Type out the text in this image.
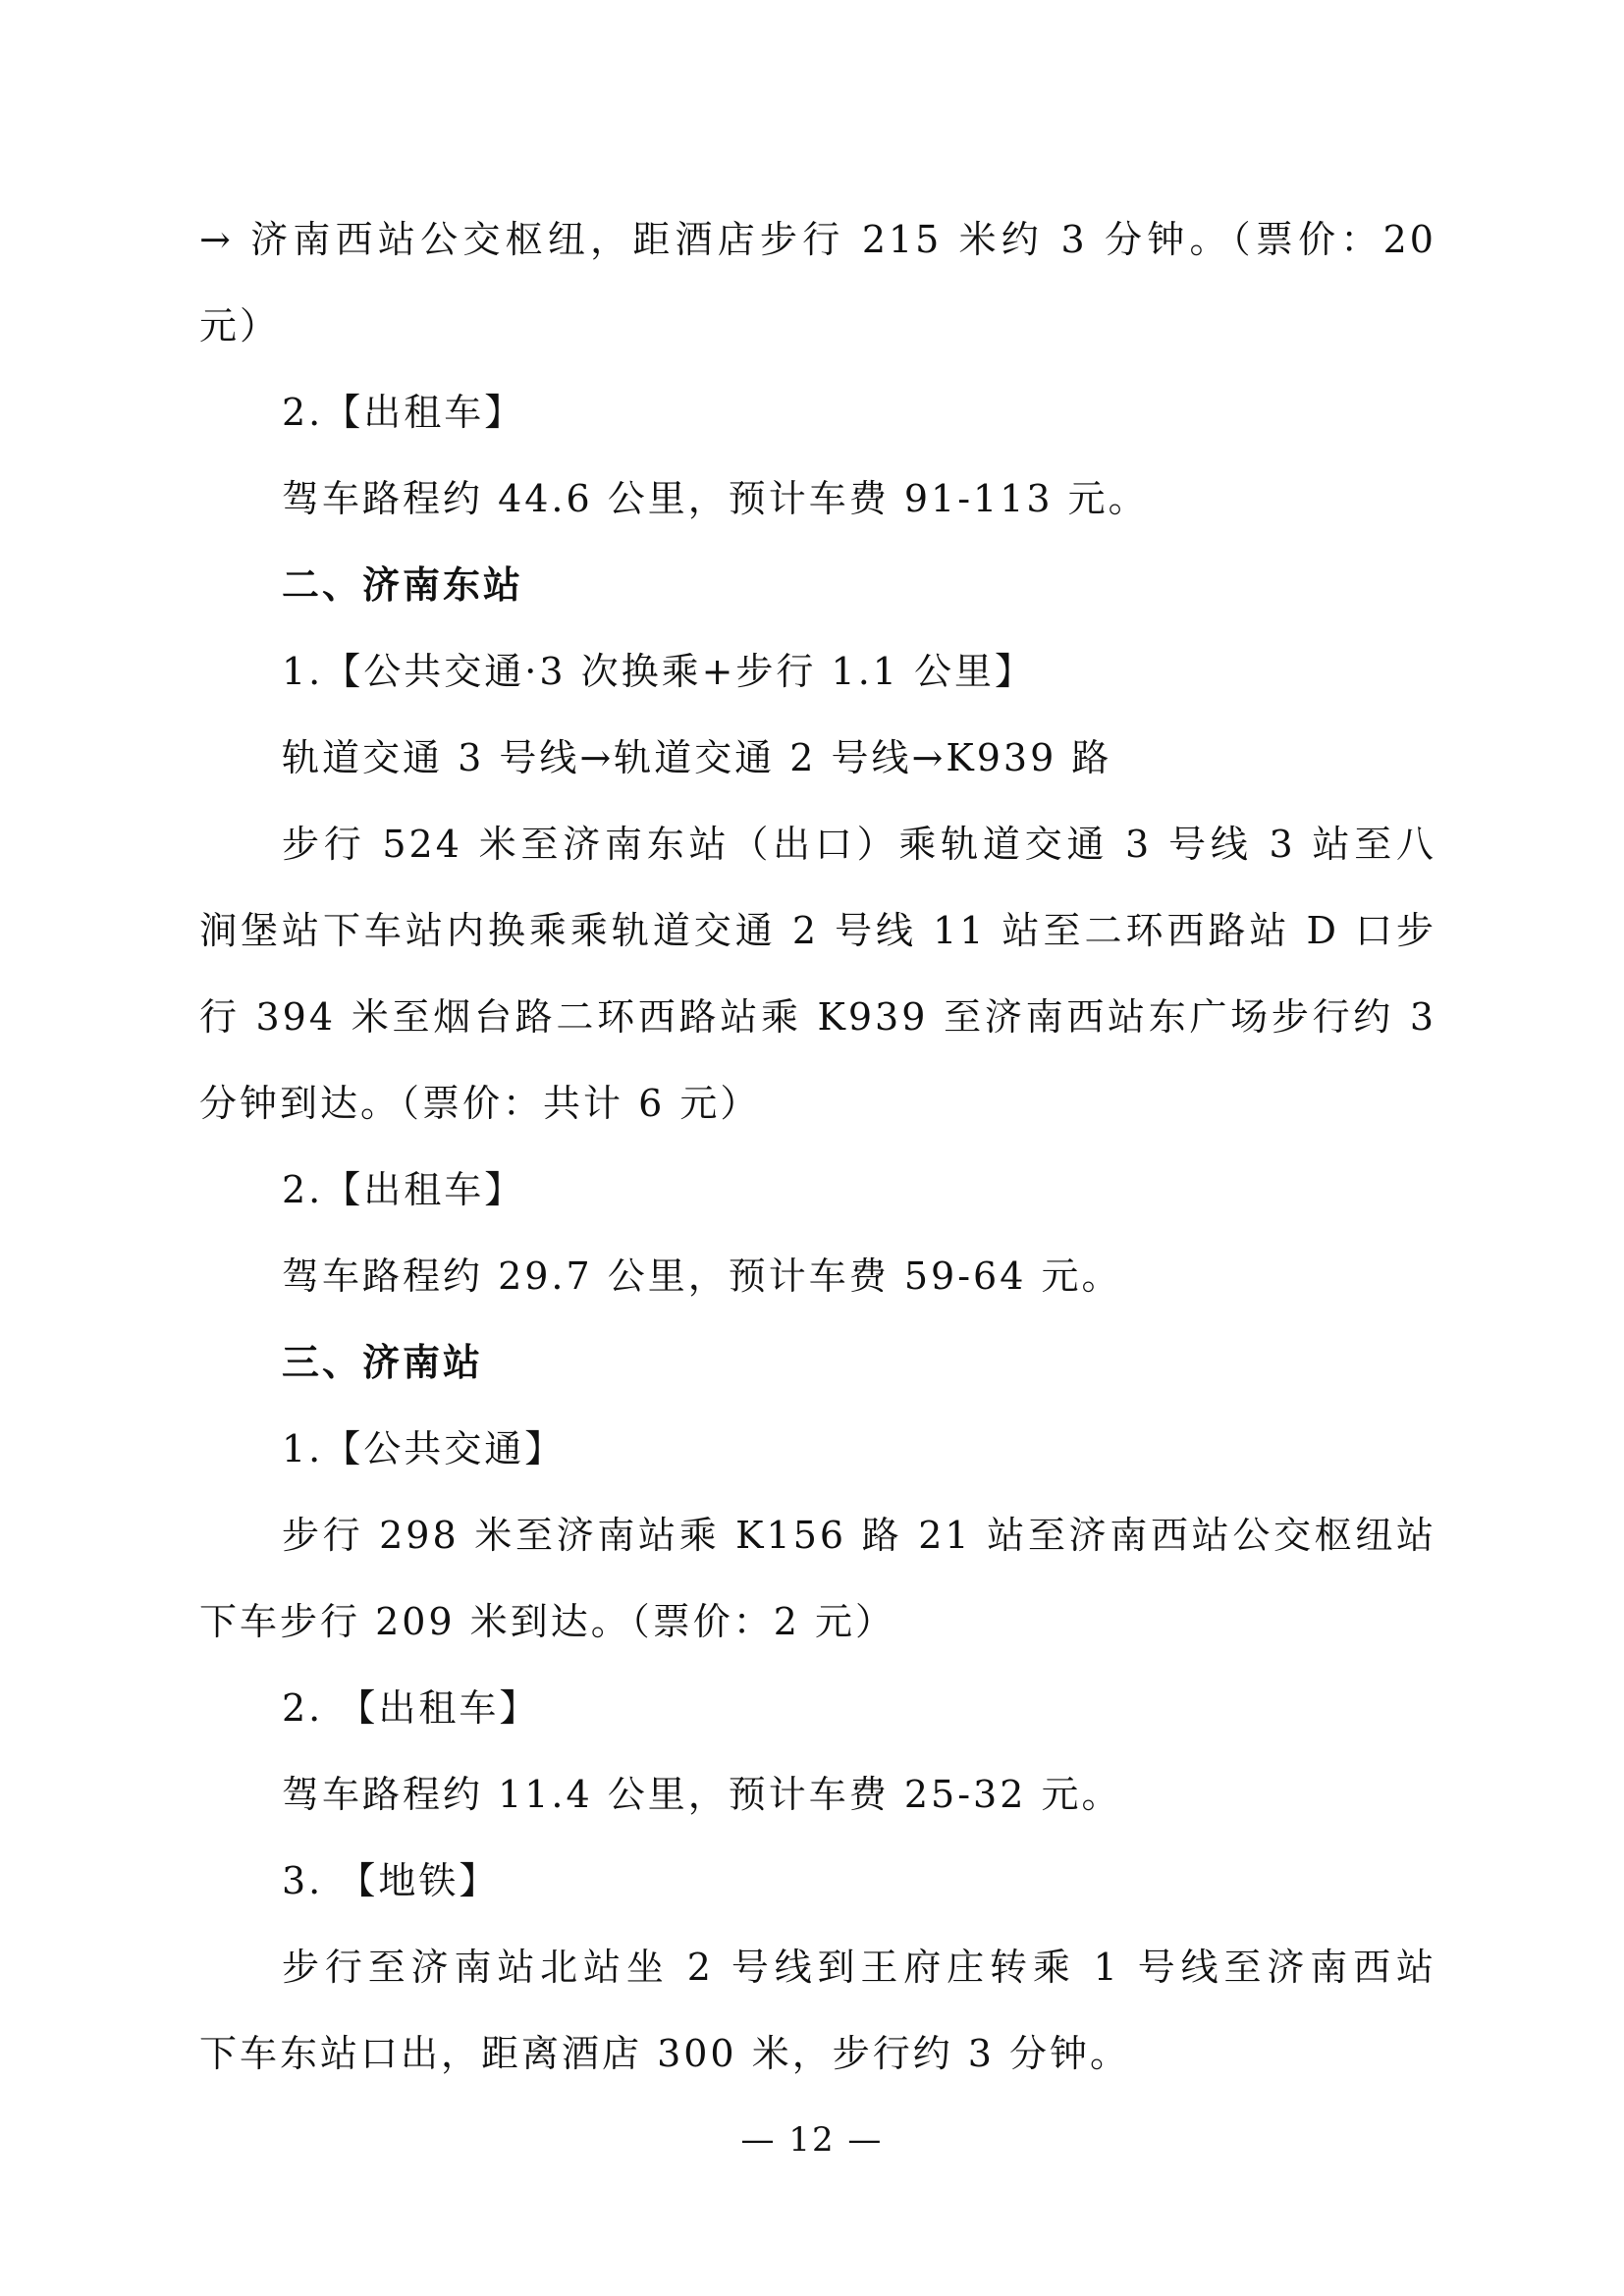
→ 济南西站公交枢纽，距酒店步行 215 米约 3 分钟。（票价：20
元）
2.【出租车】
驾车路程约 44.6 公里，预计车费 91-113 元。
二、济南东站
1.【公共交通·3 次换乘+步行 1.1 公里】
轨道交通 3 号线→轨道交通 2 号线→K939 路
步行 524 米至济南东站（出口）乘轨道交通 3 号线 3 站至八
涧堡站下车站内换乘乘轨道交通 2 号线 11 站至二环西路站 D 口步
行 394 米至烟台路二环西路站乘 K939 至济南西站东广场步行约 3
分钟到达。（票价：共计 6 元）
2.【出租车】
驾车路程约 29.7 公里，预计车费 59-64 元。
三、济南站
1.【公共交通】
步行 298 米至济南站乘 K156 路 21 站至济南西站公交枢纽站
下车步行 209 米到达。（票价：2 元）
2. 【出租车】
驾车路程约 11.4 公里，预计车费 25-32 元。
3. 【地铁】
步行至济南站北站坐 2 号线到王府庄转乘 1 号线至济南西站
下车东站口出，距离酒店 300 米，步行约 3 分钟。
— 12 —
